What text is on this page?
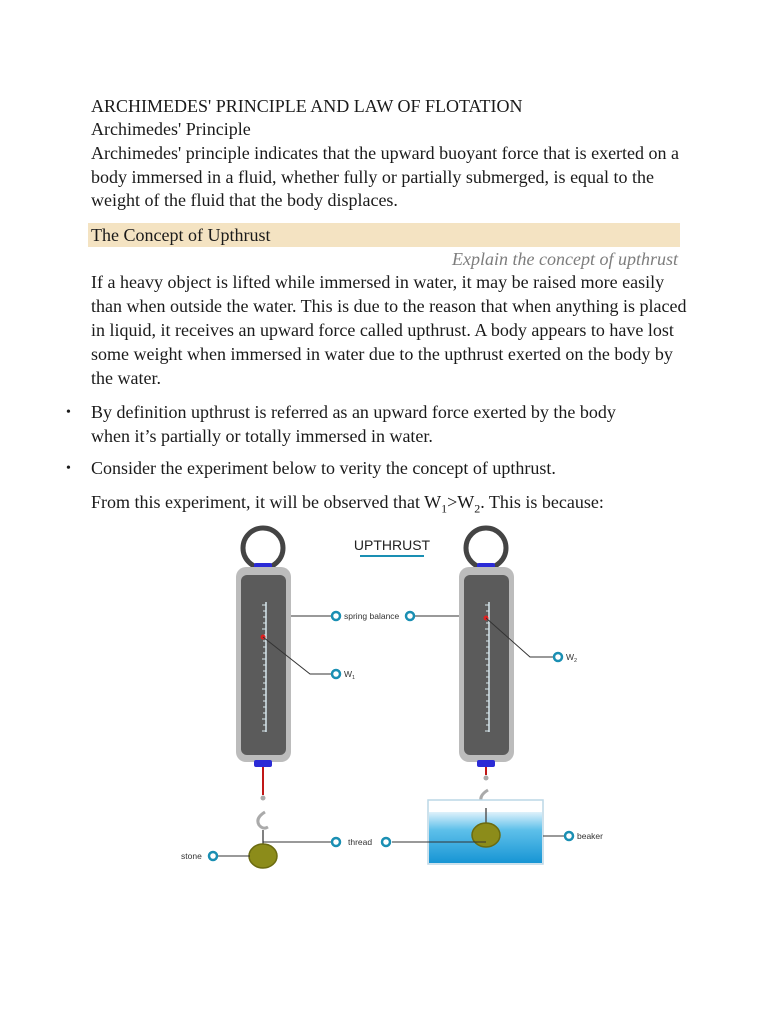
ARCHIMEDES' PRINCIPLE AND LAW OF FLOTATION
Archimedes' Principle
Archimedes' principle indicates that the upward buoyant force that is exerted on a body immersed in a fluid, whether fully or partially submerged, is equal to the weight of the fluid that the body displaces.
The Concept of Upthrust
Explain the concept of upthrust
If a heavy object is lifted while immersed in water, it may be raised more easily than when outside the water. This is due to the reason that when anything is placed in liquid, it receives an upward force called upthrust. A body appears to have lost some weight when immersed in water due to the upthrust exerted on the body by the water.
• By definition upthrust is referred as an upward force exerted by the body
when it’s partially or totally immersed in water.
• Consider the experiment below to verity the concept of upthrust.
From this experiment, it will be observed that $W_1>W_2$. This is because:
UPTHRUST
spring balance
$W_1$
$W_2$
thread
stone
beaker
